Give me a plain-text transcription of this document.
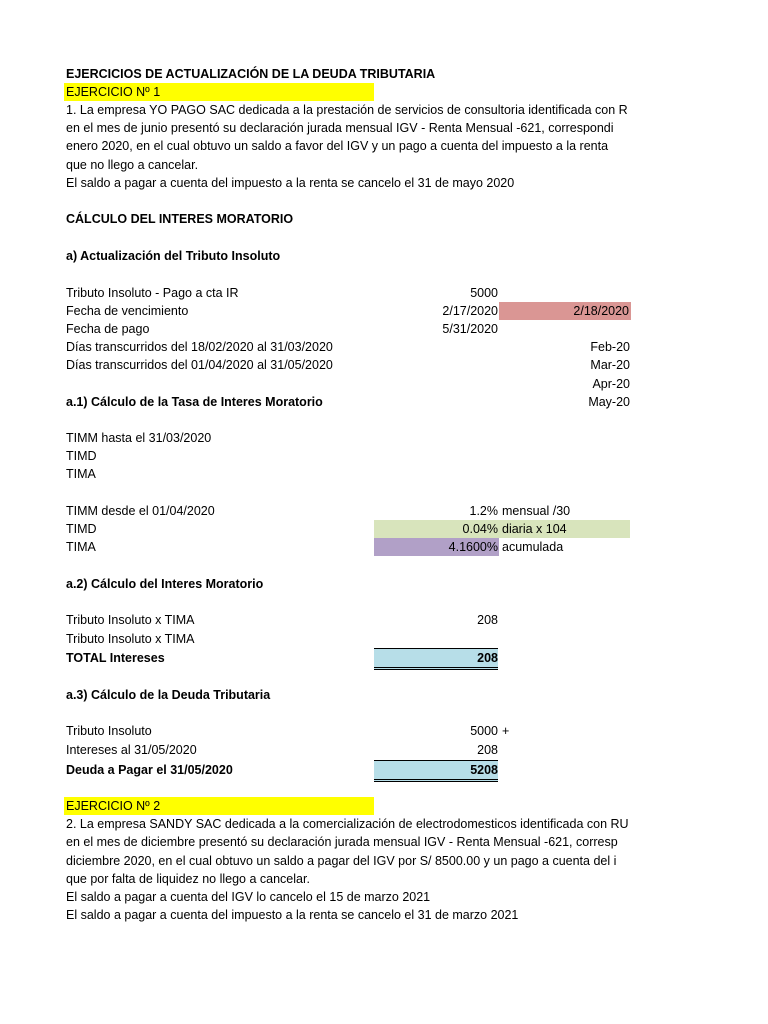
EJERCICIOS DE ACTUALIZACIÓN DE LA DEUDA TRIBUTARIA
EJERCICIO Nº 1
1. La empresa YO PAGO SAC dedicada a la prestación de servicios de consultoria identificada con R
en el mes de junio presentó su declaración jurada mensual IGV - Renta Mensual -621, correspondi
enero 2020, en el cual obtuvo un saldo a favor del IGV y un pago a cuenta del impuesto a la renta
que no llego a cancelar.
El saldo a pagar a cuenta del impuesto a la renta se cancelo el 31 de mayo 2020
CÁLCULO DEL INTERES MORATORIO
a) Actualización del Tributo Insoluto
Tributo Insoluto - Pago a cta IR	5000
Fecha de vencimiento	2/17/2020	2/18/2020
Fecha de pago	5/31/2020
Días transcurridos del 18/02/2020 al 31/03/2020	Feb-20
Días transcurridos del 01/04/2020 al 31/05/2020	Mar-20
Apr-20
a.1) Cálculo de la Tasa de Interes Moratorio	May-20
TIMM hasta el 31/03/2020
TIMD
TIMA
TIMM desde el 01/04/2020	1.2% mensual /30
TIMD	0.04% diaria x 104
TIMA	4.1600% acumulada
a.2) Cálculo del Interes Moratorio
Tributo Insoluto x TIMA	208
Tributo Insoluto x TIMA
TOTAL Intereses	208
a.3) Cálculo de la Deuda Tributaria
Tributo Insoluto	5000 +
Intereses al 31/05/2020	208
Deuda a Pagar el 31/05/2020	5208
EJERCICIO Nº 2
2. La empresa SANDY SAC dedicada a la comercialización de electrodomesticos identificada con RU
en el mes de diciembre presentó su declaración jurada mensual IGV - Renta Mensual -621, corresp
diciembre 2020, en el cual obtuvo un saldo a pagar del IGV por S/ 8500.00 y un pago a cuenta del i
que por falta de liquidez no llego a cancelar.
El saldo a pagar a cuenta del IGV lo cancelo el 15 de marzo 2021
El saldo a pagar a cuenta del impuesto a la renta se cancelo el 31 de marzo 2021
